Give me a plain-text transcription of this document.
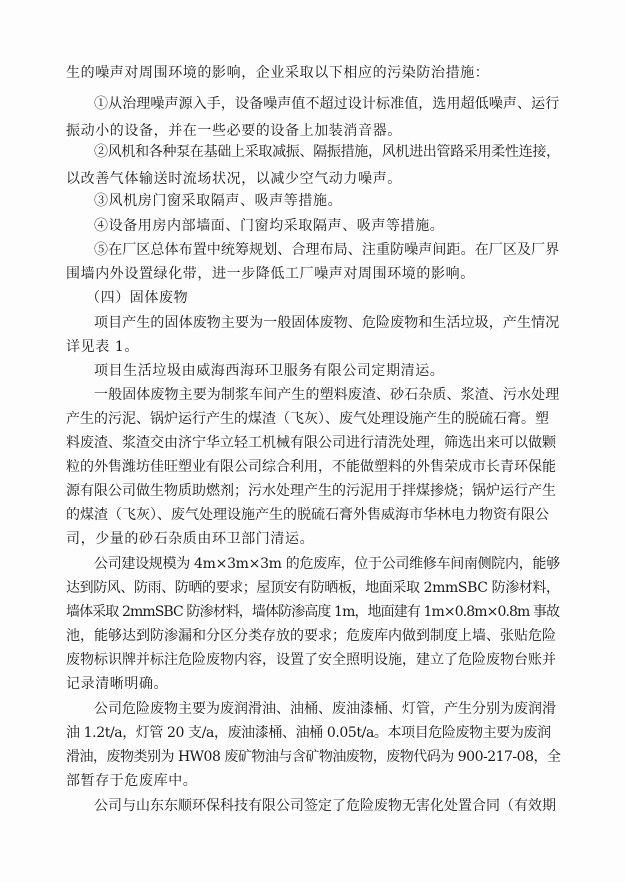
生的噪声对周围环境的影响，企业采取以下相应的污染防治措施：
①从治理噪声源入手，设备噪声值不超过设计标准值，选用超低噪声、运行
振动小的设备，并在一些必要的设备上加装消音器。
②风机和各种泵在基础上采取减振、隔振措施，风机进出管路采用柔性连接，
以改善气体输送时流场状况，以减少空气动力噪声。
③风机房门窗采取隔声、吸声等措施。
④设备用房内部墙面、门窗均采取隔声、吸声等措施。
⑤在厂区总体布置中统筹规划、合理布局、注重防噪声间距。在厂区及厂界
围墙内外设置绿化带，进一步降低工厂噪声对周围环境的影响。
（四）固体废物
项目产生的固体废物主要为一般固体废物、危险废物和生活垃圾，产生情况
详见表 1。
项目生活垃圾由威海西海环卫服务有限公司定期清运。
一般固体废物主要为制浆车间产生的塑料废渣、砂石杂质、浆渣、污水处理
产生的污泥、锅炉运行产生的煤渣（飞灰）、废气处理设施产生的脱硫石膏。塑
料废渣、浆渣交由济宁华立轻工机械有限公司进行清洗处理，筛选出来可以做颗
粒的外售潍坊佳旺塑业有限公司综合利用，不能做塑料的外售荣成市长青环保能
源有限公司做生物质助燃剂；污水处理产生的污泥用于拌煤掺烧；锅炉运行产生
的煤渣（飞灰）、废气处理设施产生的脱硫石膏外售威海市华林电力物资有限公
司，少量的砂石杂质由环卫部门清运。
公司建设规模为 4m×3m×3m 的危废库，位于公司维修车间南侧院内，能够
达到防风、防雨、防晒的要求；屋顶安有防晒板，地面采取 2mmSBC 防渗材料，
墙体采取 2mmSBC 防渗材料，墙体防渗高度 1m，地面建有 1m×0.8m×0.8m 事故
池，能够达到防渗漏和分区分类存放的要求；危废库内做到制度上墙、张贴危险
废物标识牌并标注危险废物内容，设置了安全照明设施，建立了危险废物台账并
记录清晰明确。
公司危险废物主要为废润滑油、油桶、废油漆桶、灯管，产生分别为废润滑
油 1.2t/a，灯管 20 支/a，废油漆桶、油桶 0.05t/a。本项目危险废物主要为废润
滑油，废物类别为 HW08 废矿物油与含矿物油废物，废物代码为 900-217-08，全
部暂存于危废库中。
公司与山东东顺环保科技有限公司签定了危险废物无害化处置合同（有效期
